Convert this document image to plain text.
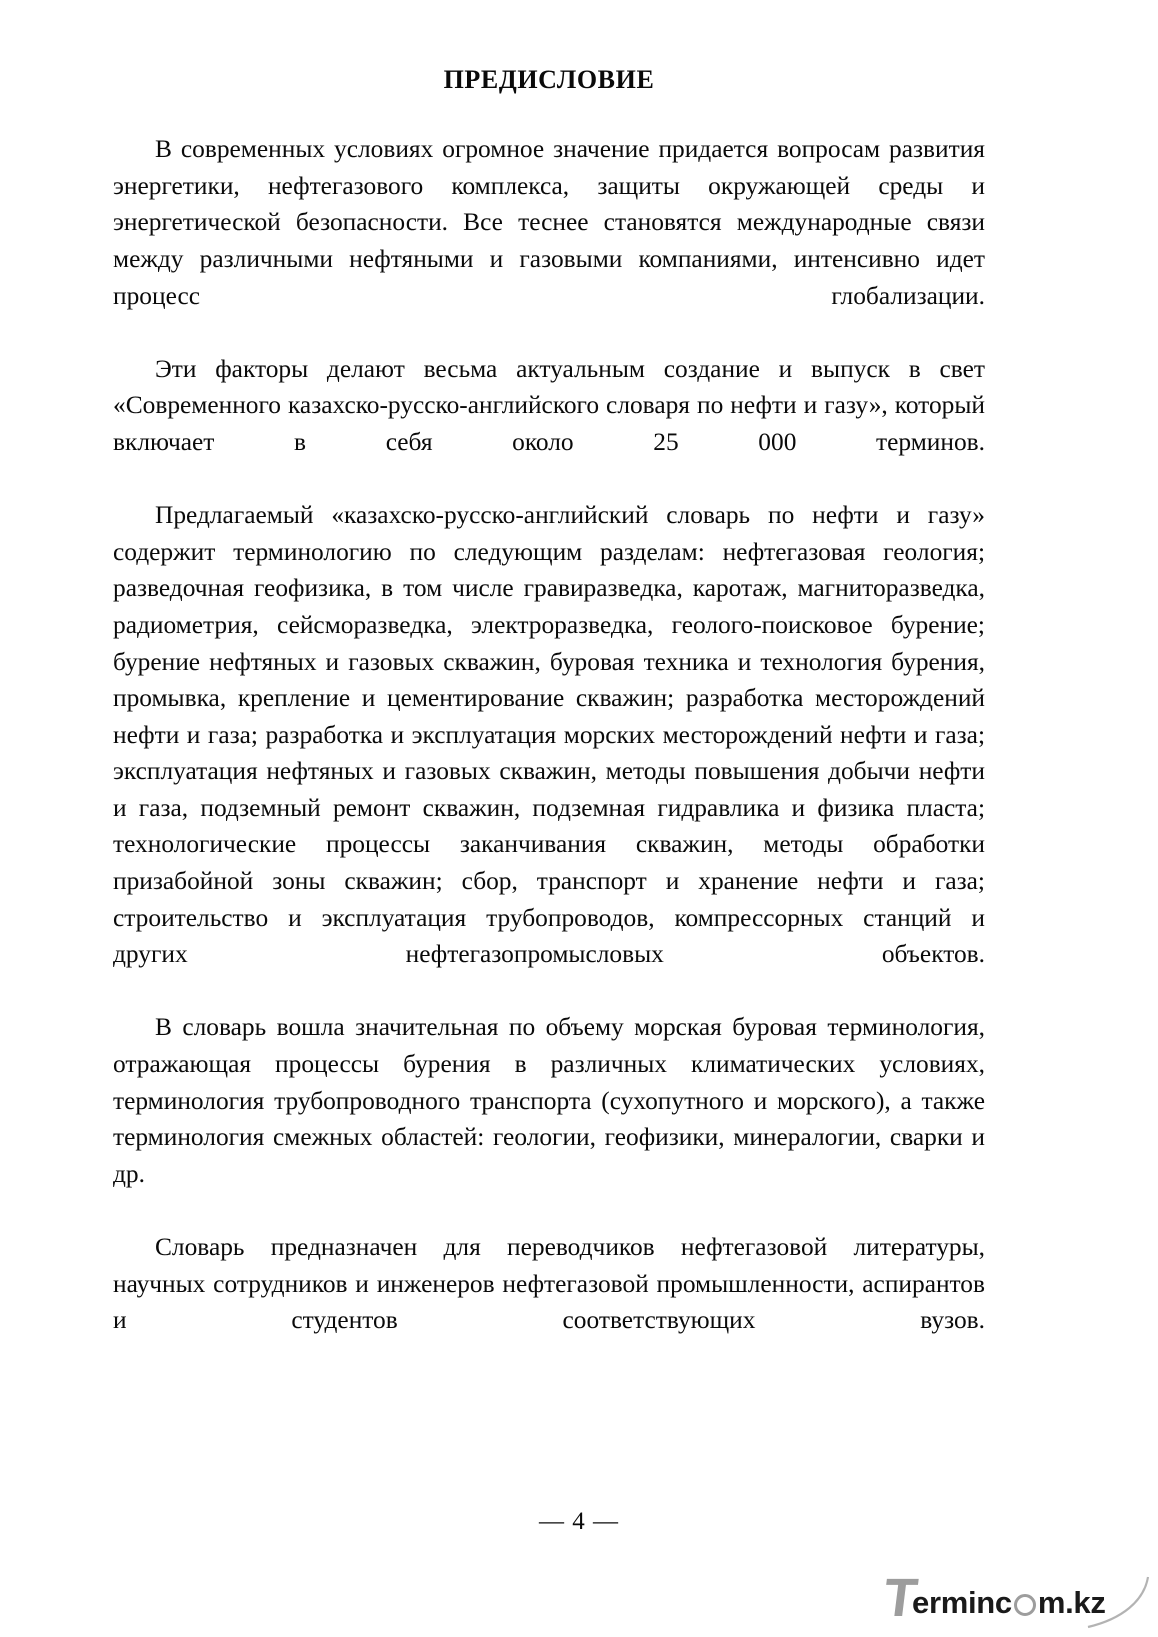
ПРЕДИСЛОВИЕ

В современных условиях огромное значение придается вопросам развития энергетики, нефтегазового комплекса, защиты окружающей среды и энергетической безопасности. Все теснее становятся международные связи между различными нефтяными и газовыми компаниями, интенсивно идет процесс глобализации.

Эти факторы делают весьма актуальным создание и выпуск в свет «Современного казахско-русско-английского словаря по нефти и газу», который включает в себя около 25 000 терминов.

Предлагаемый «казахско-русско-английский словарь по нефти и газу» содержит терминологию по следующим разделам: нефтегазовая геология; разведочная геофизика, в том числе гравиразведка, каротаж, магниторазведка, радиометрия, сейсморазведка, электроразведка, геолого-поисковое бурение; бурение нефтяных и газовых скважин, буровая техника и технология бурения, промывка, крепление и цементирование скважин; разработка месторождений нефти и газа; разработка и эксплуатация морских месторождений нефти и газа; эксплуатация нефтяных и газовых скважин, методы повышения добычи нефти и газа, подземный ремонт скважин, подземная гидравлика и физика пласта; технологические процессы заканчивания скважин, методы обработки призабойной зоны скважин; сбор, транспорт и хранение нефти и газа; строительство и эксплуатация трубопроводов, компрессорных станций и других нефтегазопромысловых объектов.

В словарь вошла значительная по объему морская буровая терминология, отражающая процессы бурения в различных климатических условиях, терминология трубопроводного транспорта (сухопутного и морского), а также терминология смежных областей: геологии, геофизики, минералогии, сварки и др.

Словарь предназначен для переводчиков нефтегазовой литературы, научных сотрудников и инженеров нефтегазовой промышленности, аспирантов и студентов соответствующих вузов.

— 4 —
T
erminc m.kz
